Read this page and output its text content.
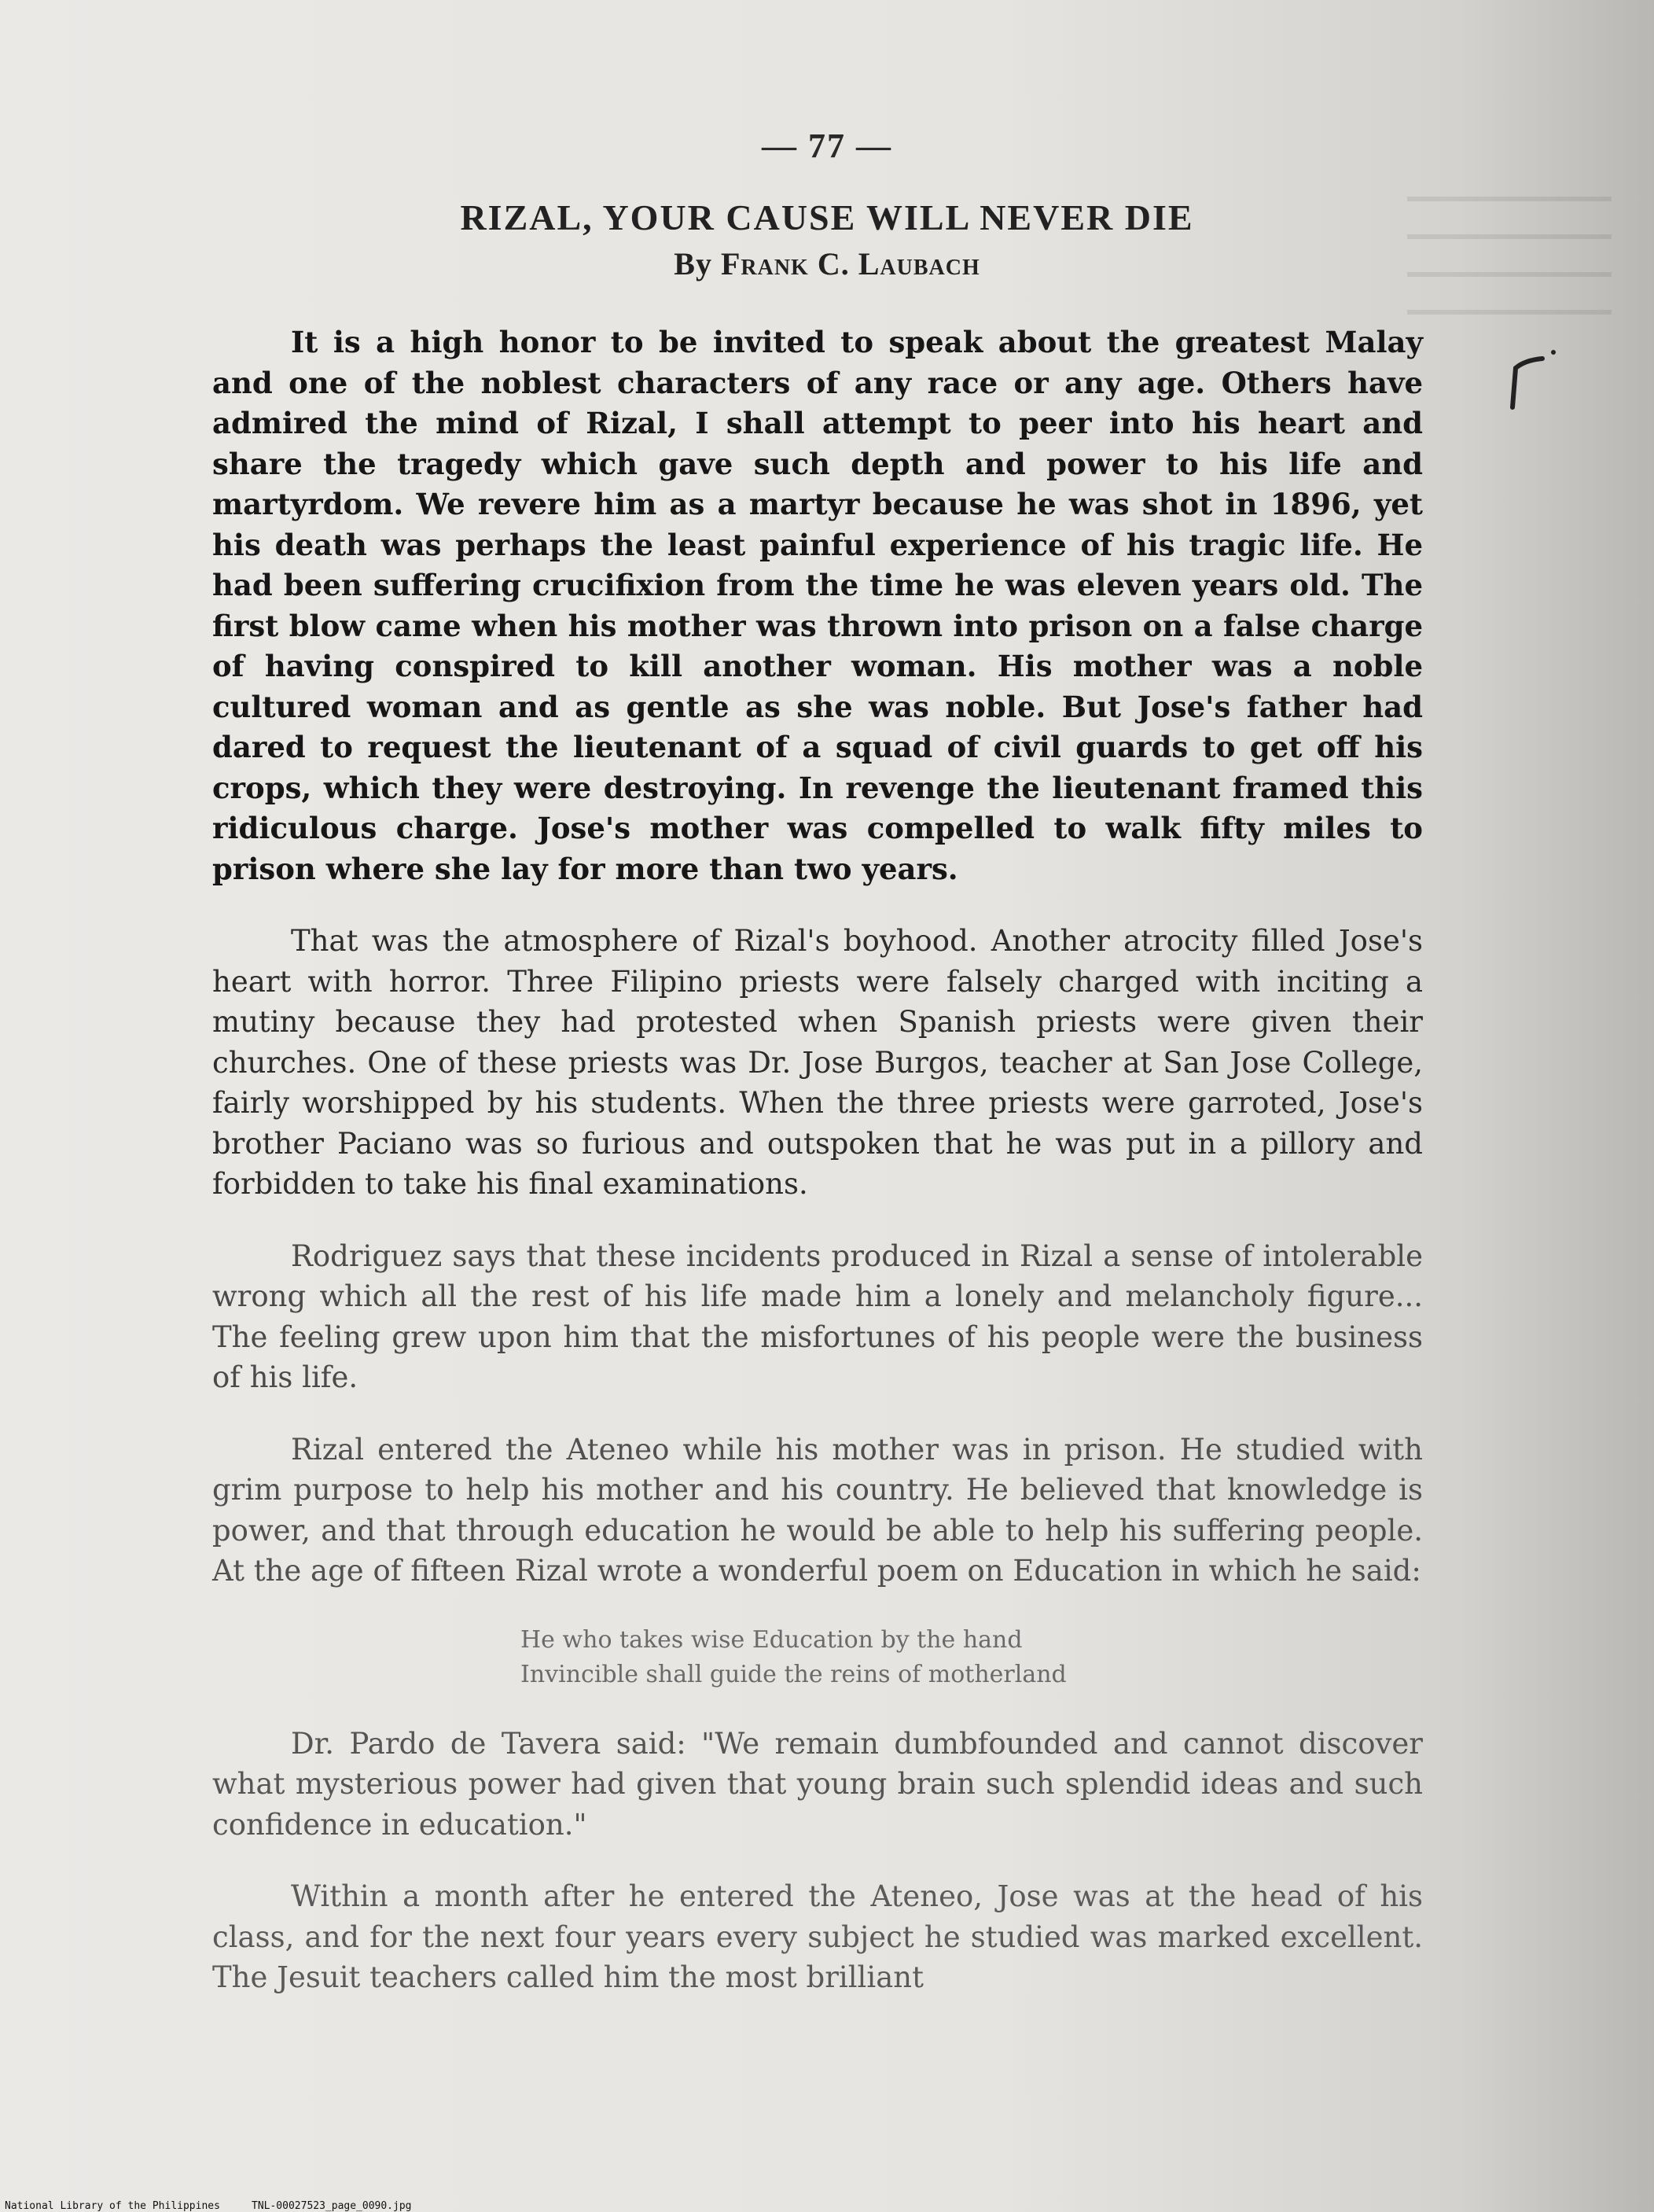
— 77 —
RIZAL, YOUR CAUSE WILL NEVER DIE
By Frank C. Laubach

It is a high honor to be invited to speak about the greatest Malay and one of the noblest characters of any race or any age. Others have admired the mind of Rizal, I shall attempt to peer into his heart and share the tragedy which gave such depth and power to his life and martyrdom. We revere him as a martyr because he was shot in 1896, yet his death was perhaps the least painful experience of his tragic life. He had been suffering crucifixion from the time he was eleven years old. The first blow came when his mother was thrown into prison on a false charge of having conspired to kill another woman. His mother was a noble cultured woman and as gentle as she was noble. But Jose's father had dared to request the lieutenant of a squad of civil guards to get off his crops, which they were destroying. In revenge the lieutenant framed this ridiculous charge. Jose's mother was compelled to walk fifty miles to prison where she lay for more than two years.

That was the atmosphere of Rizal's boyhood. Another atrocity filled Jose's heart with horror. Three Filipino priests were falsely charged with inciting a mutiny because they had protested when Spanish priests were given their churches. One of these priests was Dr. Jose Burgos, teacher at San Jose College, fairly worshipped by his students. When the three priests were garroted, Jose's brother Paciano was so furious and outspoken that he was put in a pillory and forbidden to take his final examinations.

Rodriguez says that these incidents produced in Rizal a sense of intolerable wrong which all the rest of his life made him a lonely and melancholy figure... The feeling grew upon him that the misfortunes of his people were the business of his life.

Rizal entered the Ateneo while his mother was in prison. He studied with grim purpose to help his mother and his country. He believed that knowledge is power, and that through education he would be able to help his suffering people. At the age of fifteen Rizal wrote a wonderful poem on Education in which he said:

He who takes wise Education by the hand
Invincible shall guide the reins of motherland

Dr. Pardo de Tavera said: "We remain dumbfounded and cannot discover what mysterious power had given that young brain such splendid ideas and such confidence in education."

Within a month after he entered the Ateneo, Jose was at the head of his class, and for the next four years every subject he studied was marked excellent. The Jesuit teachers called him the most brilliant

National Library of the Philippines	TNL-00027523_page_0090.jpg
